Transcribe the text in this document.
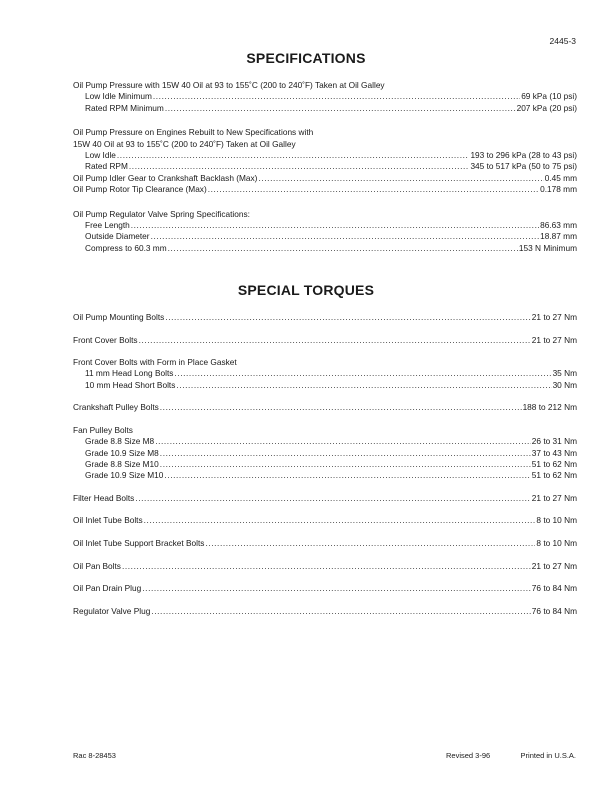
2445-3
SPECIFICATIONS
Oil Pump Pressure with 15W 40 Oil at 93 to 155˚C (200 to 240˚F) Taken at Oil Galley
Low Idle Minimum .....	69 kPa (10 psi)
Rated RPM Minimum .....	207 kPa (20 psi)
Oil Pump Pressure on Engines Rebuilt to New Specifications with
15W 40 Oil at 93 to 155˚C (200 to 240˚F) Taken at Oil Galley
Low Idle .....	193 to 296 kPa (28 to 43 psi)
Rated RPM .....	345 to 517 kPa (50 to 75 psi)
Oil Pump Idler Gear to Crankshaft Backlash (Max) .....	0.45 mm
Oil Pump Rotor Tip Clearance (Max) .....	0.178 mm
Oil Pump Regulator Valve Spring Specifications:
Free Length .....	86.63 mm
Outside Diameter .....	18.87 mm
Compress to 60.3 mm .....	153 N Minimum
SPECIAL TORQUES
Oil Pump Mounting Bolts .....	21 to 27 Nm
Front Cover Bolts .....	21 to 27 Nm
Front Cover Bolts with Form in Place Gasket
11 mm Head Long Bolts .....	35 Nm
10 mm Head Short Bolts .....	30 Nm
Crankshaft Pulley Bolts .....	188 to 212 Nm
Fan Pulley Bolts
Grade 8.8 Size M8 .....	26 to 31 Nm
Grade 10.9 Size M8 .....	37 to 43 Nm
Grade 8.8 Size M10 .....	51 to 62 Nm
Grade 10.9 Size M10 .....	51 to 62 Nm
Filter Head Bolts .....	21 to 27 Nm
Oil Inlet Tube Bolts .....	8 to 10 Nm
Oil Inlet Tube Support Bracket Bolts .....	8 to 10 Nm
Oil Pan Bolts .....	21 to 27 Nm
Oil Pan Drain Plug .....	76 to 84 Nm
Regulator Valve Plug .....	76 to 84 Nm
Rac 8-28453	Revised 3-96	Printed in U.S.A.
